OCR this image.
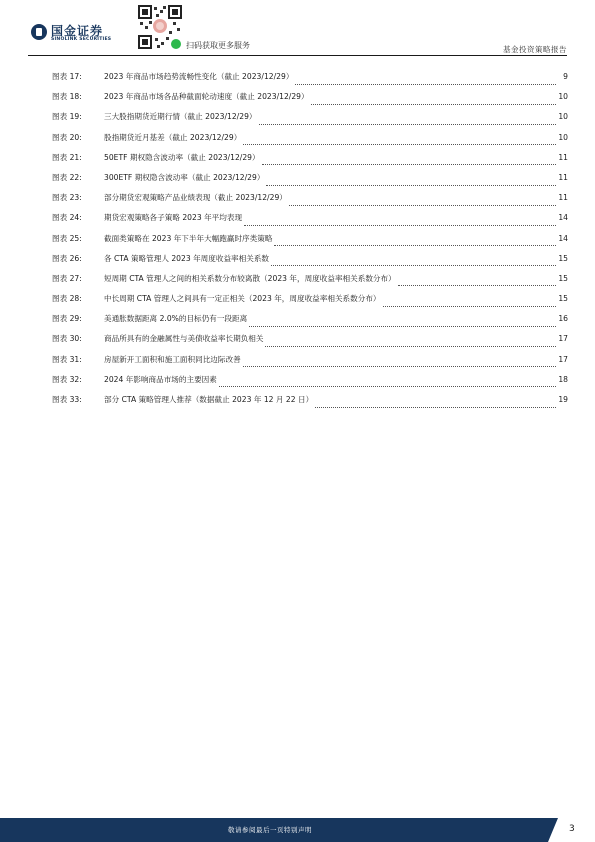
国金证券
SINOLINK SECURITIES
扫码获取更多服务	基金投资策略报告
图表 17:	2023 年商品市场趋势流畅性变化（截止 2023/12/29）	9
图表 18:	2023 年商品市场各品种截面轮动速度（截止 2023/12/29）	10
图表 19:	三大股指期货近期行情（截止 2023/12/29）	10
图表 20:	股指期货近月基差（截止 2023/12/29）	10
图表 21:	50ETF 期权隐含波动率（截止 2023/12/29）	11
图表 22:	300ETF 期权隐含波动率（截止 2023/12/29）	11
图表 23:	部分期货宏观策略产品业绩表现（截止 2023/12/29）	11
图表 24:	期货宏观策略各子策略 2023 年平均表现	14
图表 25:	截面类策略在 2023 年下半年大幅跑赢时序类策略	14
图表 26:	各 CTA 策略管理人 2023 年周度收益率相关系数	15
图表 27:	短周期 CTA 管理人之间的相关系数分布较离散（2023 年，周度收益率相关系数分布）	15
图表 28:	中长周期 CTA 管理人之间具有一定正相关（2023 年，周度收益率相关系数分布）	15
图表 29:	美通胀数据距离 2.0%的目标仍有一段距离	16
图表 30:	商品所具有的金融属性与美债收益率长期负相关	17
图表 31:	房屋新开工面积和施工面积同比边际改善	17
图表 32:	2024 年影响商品市场的主要因素	18
图表 33:	部分 CTA 策略管理人推荐（数据截止 2023 年 12 月 22 日）	19
敬请参阅最后一页特别声明	3
